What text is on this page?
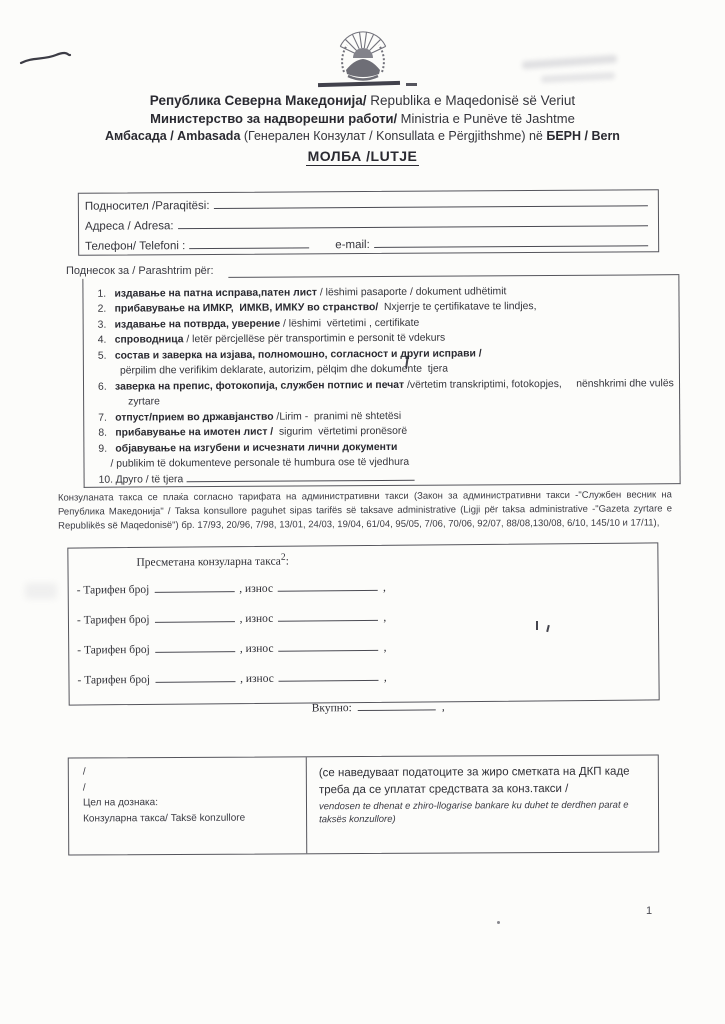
Република Северна Македонија/ Republika e Maqedonisë së Veriut
Министерство за надворешни работи/ Ministria e Punëve të Jashtme
Амбасада / Ambasada (Генерален Конзулат / Konsullata e Përgjithshme) në БЕРН / Bern
МОЛБА /LUTJE
Подносител /Paraqitësi:
Адреса / Adresa:
Телефон/ Telefoni :	e-mail:
Поднесок за / Parashtrim për:
1. издавање на патна исправа,патен лист / lëshimi pasaporte / dokument udhëtimit
2. прибавување на ИМКР,  ИМКВ, ИМКУ во странство/  Nxjerrje te çertifikatave te lindjes,
3. издавање на потврда, уверение / lëshimi  vërtetimi , certifikate
4. спроводница / letër përcjellëse për transportimin e personit të vdekurs
5. состав и заверка на изјава, полномошно, согласност и други исправи /
përpilim dhe verifikim deklarate, autorizim, pëlqim dhe dokumente  tjera
6. заверка на препис, фотокопија, службен потпис и печат /vërtetim transkriptimi, fotokopjes,     nënshkrimi dhe vulës
zyrtare
7. отпуст/прием во државјанство /Lirim -  pranimi në shtetësi
8. прибавување на имотен лист /  sigurim  vërtetimi pronësorë
9. објавување на изгубени и исчезнати лични документи
/ publikim të dokumenteve personale të humbura ose të vjedhura
10. Друго / të tjera
Конзуланата такса се плаќа согласно тарифата на административни такси (Закон за административни такси -"Службен весник на Република Македонија" / Taksa konsullore paguhet sipas tarifës së taksave administrative (Ligji për taksa administrative -"Gazeta zyrtare e Republikës së Maqedonisë") бр. 17/93, 20/96, 7/98, 13/01, 24/03, 19/04, 61/04, 95/05, 7/06, 70/06, 92/07, 88/08,130/08, 6/10, 145/10 и 17/11),
Пресметана конзуларна такса$^2$:
- Тарифен број	, износ	,
- Тарифен број	, износ	,
- Тарифен број	, износ	,
- Тарифен број	, износ	,
Вкупно:	,
/
/
Цел на дознака:
Конзуларна такса/ Taksë konzullore
(се наведуваат податоците за жиро сметката на ДКП каде треба да се уплатат средствата за конз.такси /
vendosen te dhenat e zhiro-llogarise bankare ku duhet te derdhen parat e taksës konzullore)
1
